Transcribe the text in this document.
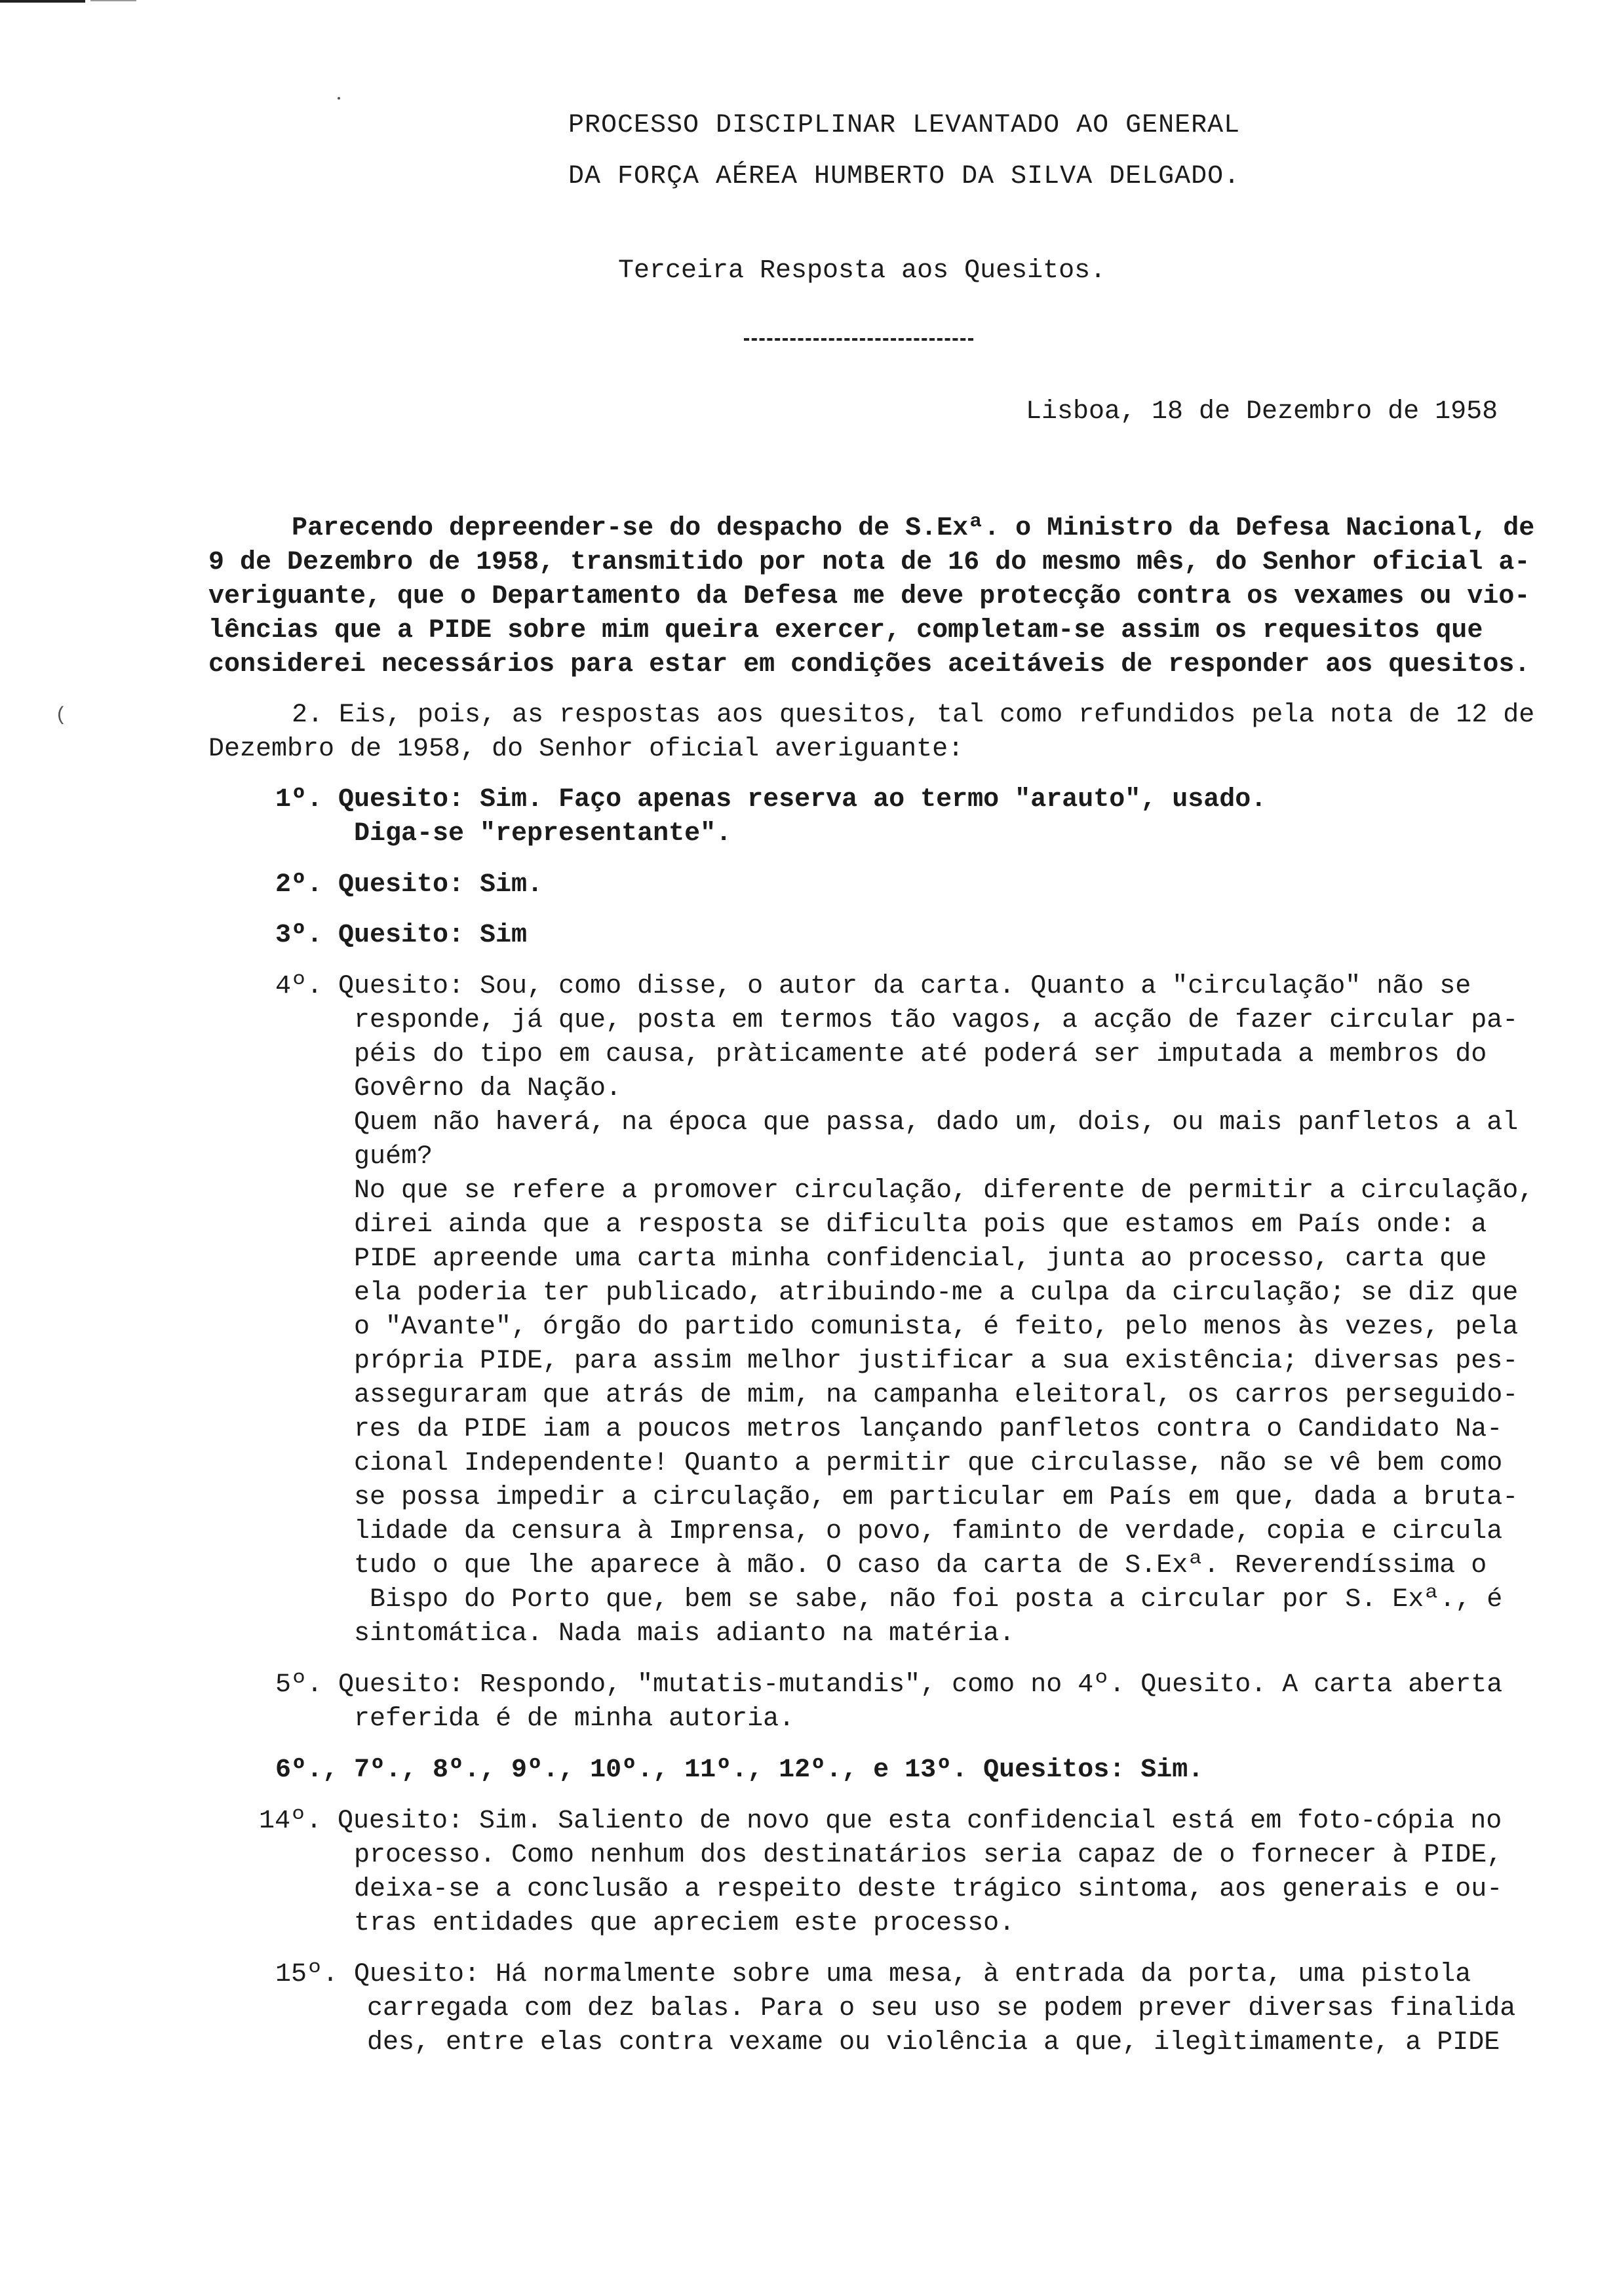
(
PROCESSO DISCIPLINAR LEVANTADO AO GENERAL
DA FORÇA AÉREA HUMBERTO DA SILVA DELGADO.
Terceira Resposta aos Quesitos.
Lisboa, 18 de Dezembro de 1958
Parecendo depreender-se do despacho de S.Exª. o Ministro da Defesa Nacional, de
9 de Dezembro de 1958, transmitido por nota de 16 do mesmo mês, do Senhor oficial a-
veriguante, que o Departamento da Defesa me deve protecção contra os vexames ou vio-
lências que a PIDE sobre mim queira exercer, completam-se assim os requesitos que
considerei necessários para estar em condições aceitáveis de responder aos quesitos.
2. Eis, pois, as respostas aos quesitos, tal como refundidos pela nota de 12 de
Dezembro de 1958, do Senhor oficial averiguante:
1º. Quesito: Sim. Faço apenas reserva ao termo "arauto", usado.
Diga-se "representante".
2º. Quesito: Sim.
3º. Quesito: Sim
4º. Quesito: Sou, como disse, o autor da carta. Quanto a "circulação" não se
responde, já que, posta em termos tão vagos, a acção de fazer circular pa-
péis do tipo em causa, pràticamente até poderá ser imputada a membros do
Govêrno da Nação.
Quem não haverá, na época que passa, dado um, dois, ou mais panfletos a al
guém?
No que se refere a promover circulação, diferente de permitir a circulação,
direi ainda que a resposta se dificulta pois que estamos em País onde: a
PIDE apreende uma carta minha confidencial, junta ao processo, carta que
ela poderia ter publicado, atribuindo-me a culpa da circulação; se diz que
o "Avante", órgão do partido comunista, é feito, pelo menos às vezes, pela
própria PIDE, para assim melhor justificar a sua existência; diversas pes-
asseguraram que atrás de mim, na campanha eleitoral, os carros perseguido-
res da PIDE iam a poucos metros lançando panfletos contra o Candidato Na-
cional Independente! Quanto a permitir que circulasse, não se vê bem como
se possa impedir a circulação, em particular em País em que, dada a bruta-
lidade da censura à Imprensa, o povo, faminto de verdade, copia e circula
tudo o que lhe aparece à mão. O caso da carta de S.Exª. Reverendíssima o
Bispo do Porto que, bem se sabe, não foi posta a circular por S. Exª., é
sintomática. Nada mais adianto na matéria.
5º. Quesito: Respondo, "mutatis-mutandis", como no 4º. Quesito. A carta aberta
referida é de minha autoria.
6º., 7º., 8º., 9º., 10º., 11º., 12º., e 13º. Quesitos: Sim.
14º. Quesito: Sim. Saliento de novo que esta confidencial está em foto-cópia no
processo. Como nenhum dos destinatários seria capaz de o fornecer à PIDE,
deixa-se a conclusão a respeito deste trágico sintoma, aos generais e ou-
tras entidades que apreciem este processo.
15º. Quesito: Há normalmente sobre uma mesa, à entrada da porta, uma pistola
carregada com dez balas. Para o seu uso se podem prever diversas finalida
des, entre elas contra vexame ou violência a que, ilegìtimamente, a PIDE
